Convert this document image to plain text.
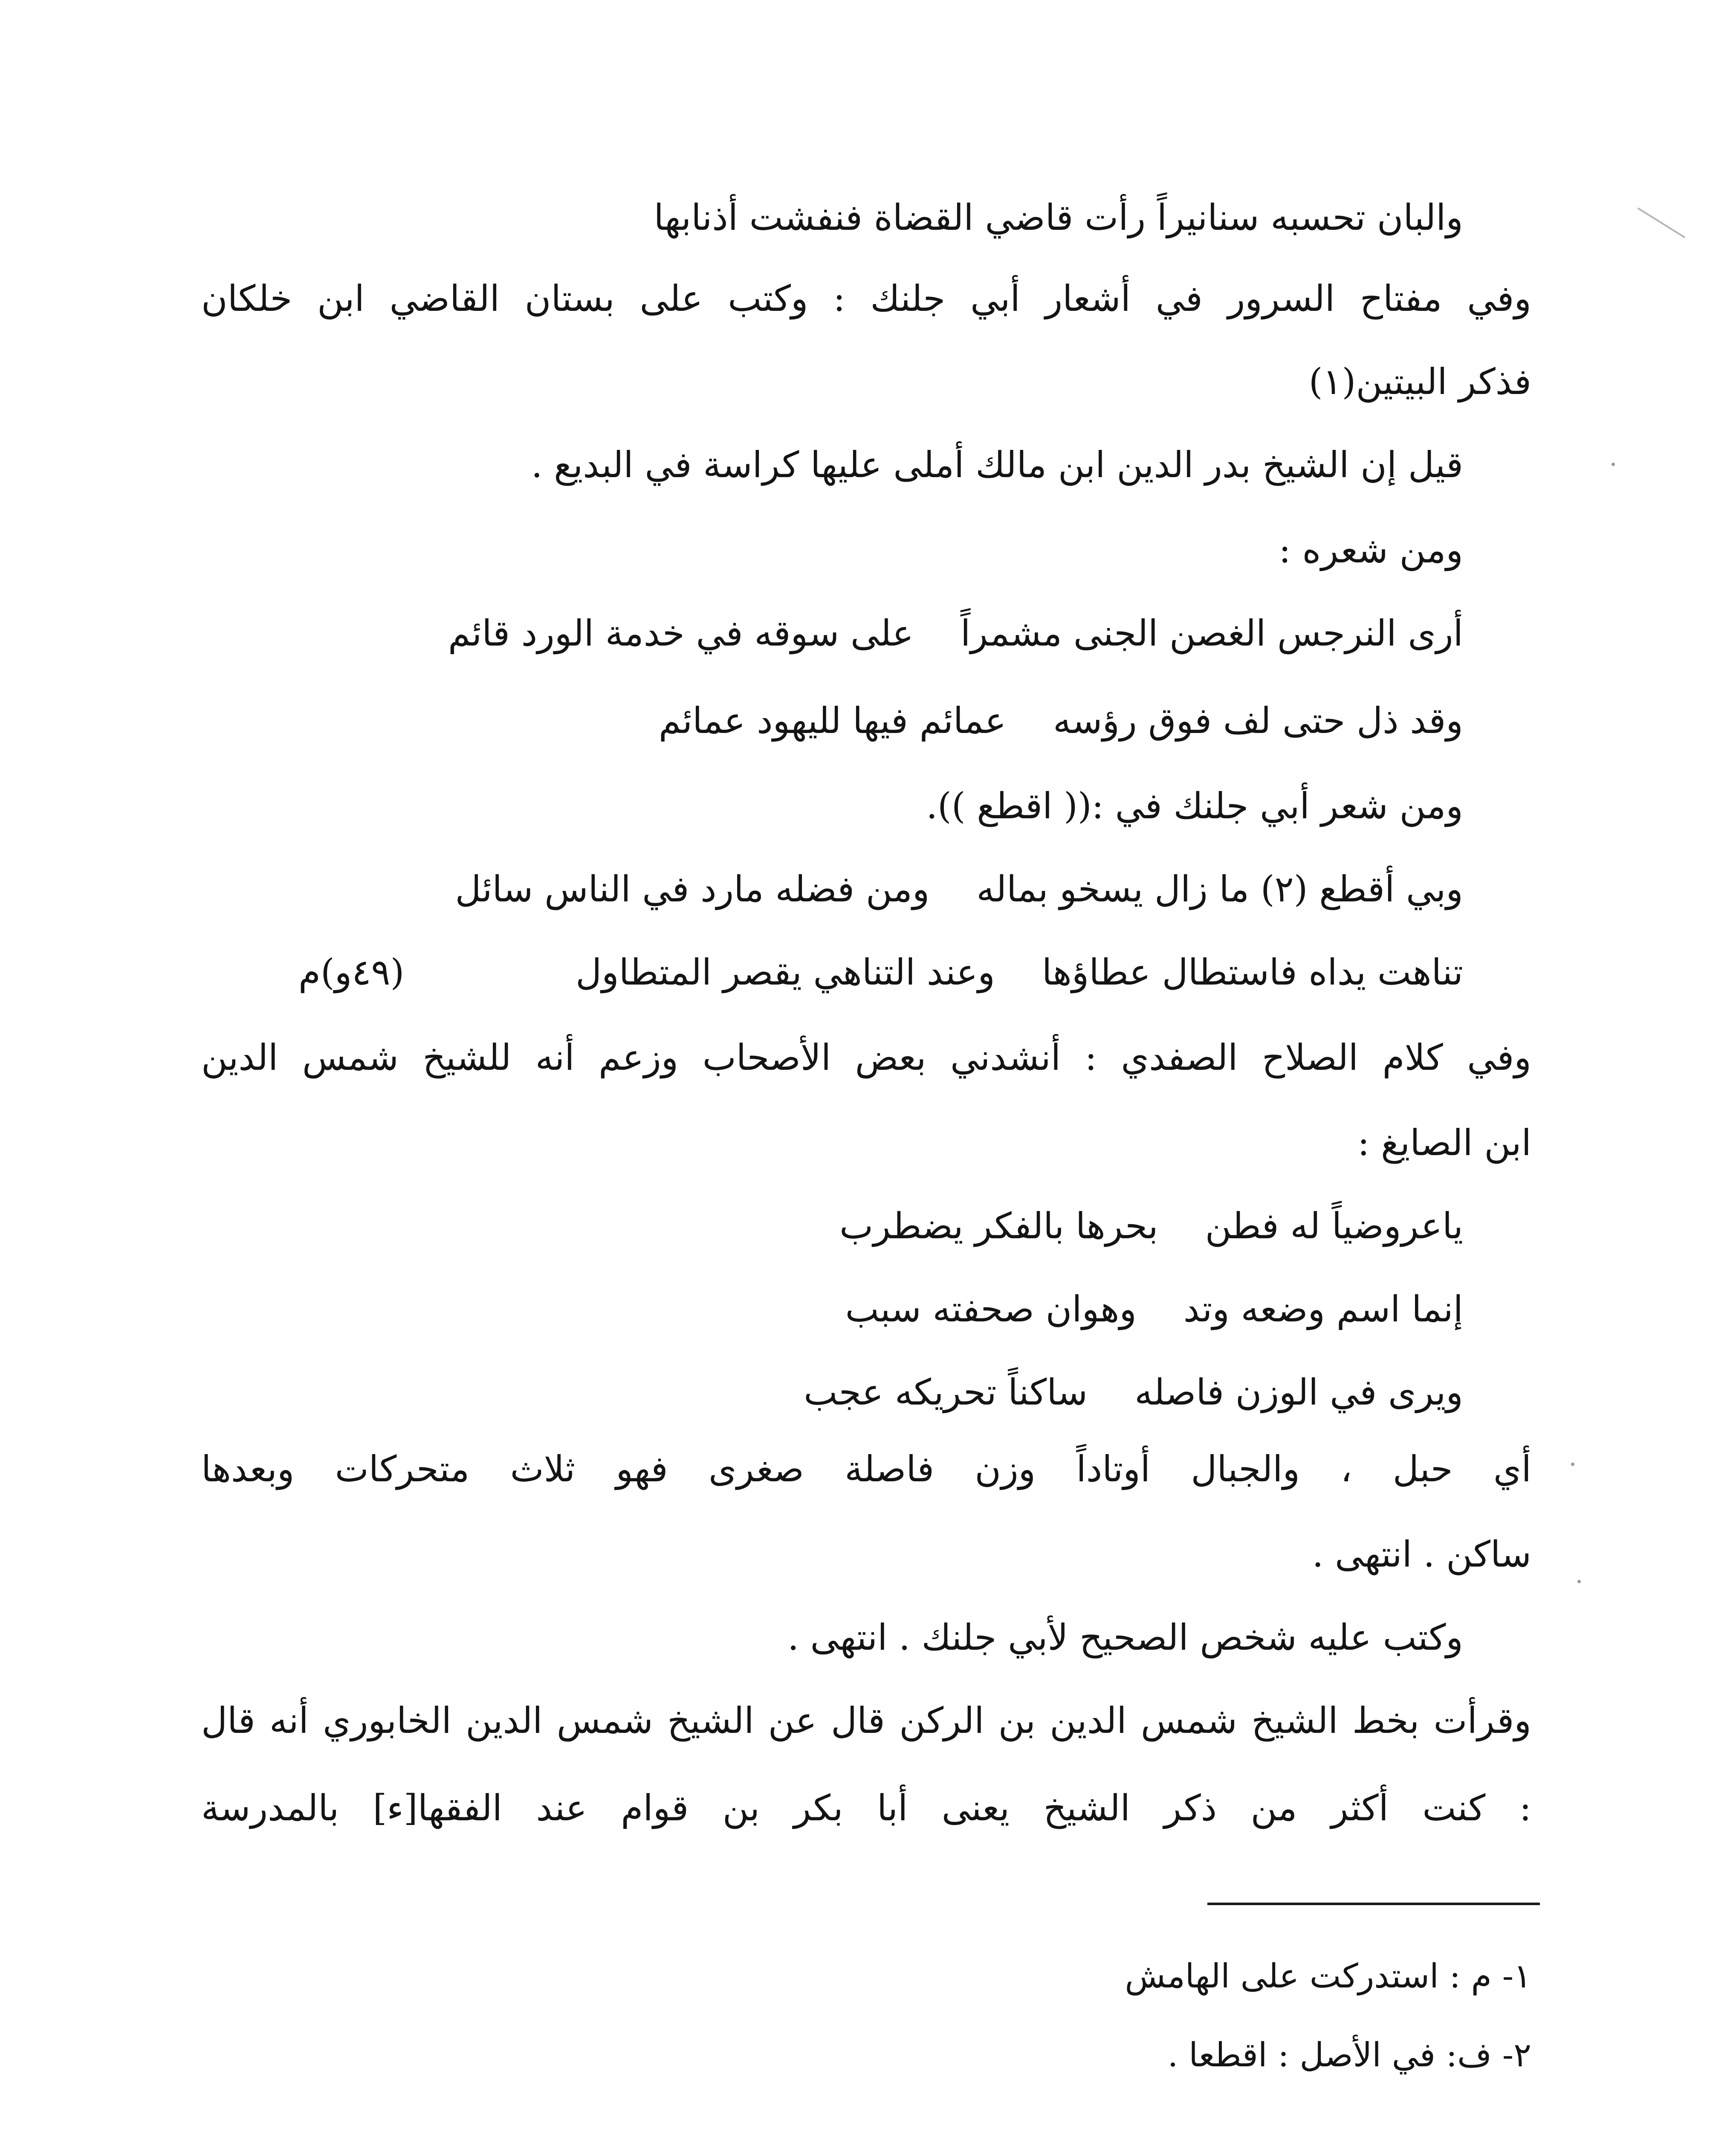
والبان تحسبه سنانيراً رأت قاضي القضاة فنفشت أذنابها
وفي مفتاح السرور في أشعار أبي جلنك : وكتب على بستان القاضي ابن خلكان
فذكر البيتين(١)
قيل إن الشيخ بدر الدين ابن مالك أملى عليها كراسة في البديع .
ومن شعره :
أرى النرجس الغصن الجنى مشمراًعلى سوقه في خدمة الورد قائم
وقد ذل حتى لف فوق رؤسهعمائم فيها لليهود عمائم
ومن شعر أبي جلنك في :(( اقطع )).
وبي أقطع (٢) ما زال يسخو بمالهومن فضله مارد في الناس سائل
تناهت يداه فاستطال عطاؤهاوعند التناهي يقصر المتطاول
(٤٩و)م
وفي كلام الصلاح الصفدي : أنشدني بعض الأصحاب وزعم أنه للشيخ شمس الدين
ابن الصايغ :
ياعروضياً له فطنبحرها بالفكر يضطرب
إنما اسم وضعه وتدوهوان صحفته سبب
ويرى في الوزن فاصلهساكناً تحريكه عجب
أي حبل ، والجبال أوتاداً وزن فاصلة صغرى فهو ثلاث متحركات وبعدها
ساكن . انتهى .
وكتب عليه شخص الصحيح لأبي جلنك . انتهى .
وقرأت بخط الشيخ شمس الدين بن الركن قال عن الشيخ شمس الدين الخابوري أنه قال
: كنت أكثر من ذكر الشيخ يعنى أبا بكر بن قوام عند الفقها[ء] بالمدرسة
١- م : استدركت على الهامش
٢- ف: في الأصل : اقطعا .
